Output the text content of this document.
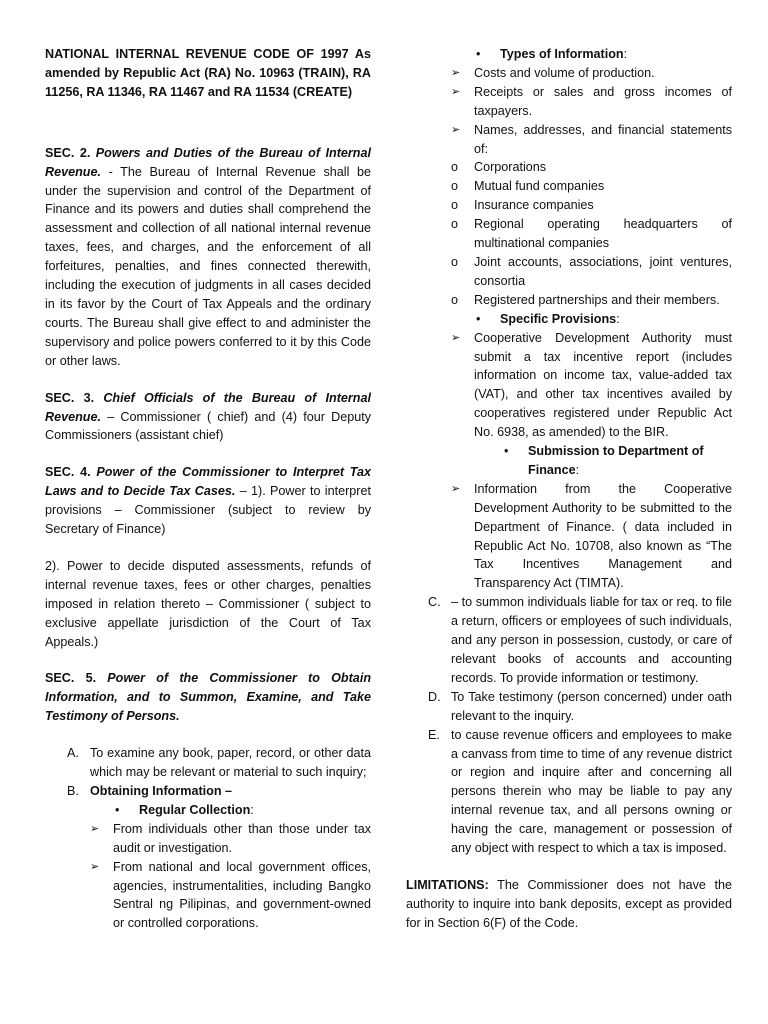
NATIONAL INTERNAL REVENUE CODE OF 1997 As amended by Republic Act (RA) No. 10963 (TRAIN), RA 11256, RA 11346, RA 11467 and RA 11534 (CREATE)

SEC. 2. Powers and Duties of the Bureau of Internal Revenue. - The Bureau of Internal Revenue shall be under the supervision and control of the Department of Finance and its powers and duties shall comprehend the assessment and collection of all national internal revenue taxes, fees, and charges, and the enforcement of all forfeitures, penalties, and fines connected therewith, including the execution of judgments in all cases decided in its favor by the Court of Tax Appeals and the ordinary courts. The Bureau shall give effect to and administer the supervisory and police powers conferred to it by this Code or other laws.

SEC. 3. Chief Officials of the Bureau of Internal Revenue. – Commissioner ( chief) and (4) four Deputy Commissioners (assistant chief)

SEC. 4. Power of the Commissioner to Interpret Tax Laws and to Decide Tax Cases. – 1). Power to interpret provisions – Commissioner (subject to review by Secretary of Finance)

2). Power to decide disputed assessments, refunds of internal revenue taxes, fees or other charges, penalties imposed in relation thereto – Commissioner ( subject to exclusive appellate jurisdiction of the Court of Tax Appeals.)

SEC. 5. Power of the Commissioner to Obtain Information, and to Summon, Examine, and Take Testimony of Persons.

A. To examine any book, paper, record, or other data which may be relevant or material to such inquiry;
B. Obtaining Information –
•	Regular Collection:
➢	From individuals other than those under tax audit or investigation.
➢	From national and local government offices, agencies, instrumentalities, including Bangko Sentral ng Pilipinas, and government-owned or controlled corporations.
•	Types of Information:
➢	Costs and volume of production.
➢	Receipts or sales and gross incomes of taxpayers.
➢	Names, addresses, and financial statements of:
o	Corporations
o	Mutual fund companies
o	Insurance companies
o	Regional operating headquarters of multinational companies
o	Joint accounts, associations, joint ventures, consortia
o	Registered partnerships and their members.
•	Specific Provisions:
➢	Cooperative Development Authority must submit a tax incentive report (includes information on income tax, value-added tax (VAT), and other tax incentives availed by cooperatives registered under Republic Act No. 6938, as amended) to the BIR.
•	Submission to Department of Finance:
➢	Information from the Cooperative Development Authority to be submitted to the Department of Finance. ( data included in Republic Act No. 10708, also known as “The Tax Incentives Management and Transparency Act (TIMTA).
C. – to summon individuals liable for tax or req. to file a return, officers or employees of such individuals, and any person in possession, custody, or care of relevant books of accounts and accounting records. To provide information or testimony.
D. To Take testimony (person concerned) under oath relevant to the inquiry.
E. to cause revenue officers and employees to make a canvass from time to time of any revenue district or region and inquire after and concerning all persons therein who may be liable to pay any internal revenue tax, and all persons owning or having the care, management or possession of any object with respect to which a tax is imposed.

LIMITATIONS: The Commissioner does not have the authority to inquire into bank deposits, except as provided for in Section 6(F) of the Code.
